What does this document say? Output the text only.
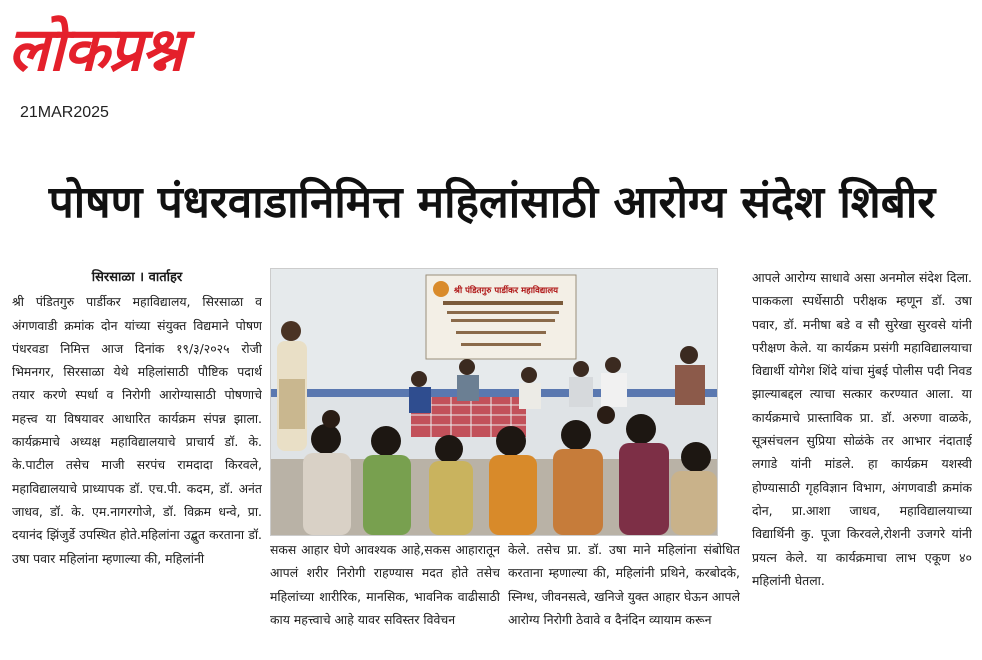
लोकप्रश्न
21MAR2025
पोषण पंधरवाडानिमित्त महिलांसाठी आरोग्य संदेश शिबीर
सिरसाळा । वार्ताहर
श्री पंडितगुरु पार्डीकर महाविद्यालय, सिरसाळा व अंगणवाडी क्रमांक दोन यांच्या संयुक्त विद्यमाने पोषण पंधरवडा निमित्त आज दिनांक १९/३/२०२५ रोजी भिमनगर, सिरसाळा येथे महिलांसाठी पौष्टिक पदार्थ तयार करणे स्पर्धा व निरोगी आरोग्यासाठी पोषणाचे महत्त्व या विषयावर आधारित कार्यक्रम संपन्न झाला. कार्यक्रमाचे अध्यक्ष महाविद्यालयाचे प्राचार्य डॉ. के. के.पाटील तसेच माजी सरपंच रामदादा किरवले, महाविद्यालयाचे प्राध्यापक डॉ. एच.पी. कदम, डॉ. अनंत जाधव, डॉ. के. एम.नागरगोजे, डॉ. विक्रम धन्वे, प्रा. दयानंद झिंजुर्डे उपस्थित होते.महिलांना उद्बुत करताना डॉ. उषा पवार महिलांना म्हणाल्या की, महिलांनी
श्री पंडितगुरु पार्डीकर महाविद्यालय
सकस आहार घेणे आवश्यक आहे,सकस आहारातून आपलं शरीर निरोगी राहण्यास मदत होते तसेच महिलांच्या शारीरिक, मानसिक, भावनिक वाढीसाठी काय महत्त्वाचे आहे यावर सविस्तर विवेचन
केले. तसेच प्रा. डॉ. उषा माने महिलांना संबोधित करताना म्हणाल्या की, महिलांनी प्रथिने, करबोदके, स्निग्ध, जीवनसत्वे, खनिजे युक्त आहार घेऊन आपले आरोग्य निरोगी ठेवावे व दैनंदिन व्यायाम करून
आपले आरोग्य साधावे असा अनमोल संदेश दिला. पाककला स्पर्धेसाठी परीक्षक म्हणून डॉ. उषा पवार, डॉ. मनीषा बडे व सौ सुरेखा सुरवसे यांनी परीक्षण केले. या कार्यक्रम प्रसंगी महाविद्यालयाचा विद्यार्थी योगेश शिंदे यांचा मुंबई पोलीस पदी निवड झाल्याबद्दल त्याचा सत्कार करण्यात आला. या कार्यक्रमाचे प्रास्ताविक प्रा. डॉ. अरुणा वाळके, सूत्रसंचलन सुप्रिया सोळंके तर आभार नंदाताई लगाडे यांनी मांडले. हा कार्यक्रम यशस्वी होण्यासाठी गृहविज्ञान विभाग, अंगणवाडी क्रमांक दोन, प्रा.आशा जाधव, महाविद्यालयाच्या विद्यार्थिनी कु. पूजा किरवले,रोशनी उजगरे यांनी प्रयत्न केले. या कार्यक्रमाचा लाभ एकूण ४० महिलांनी घेतला.
